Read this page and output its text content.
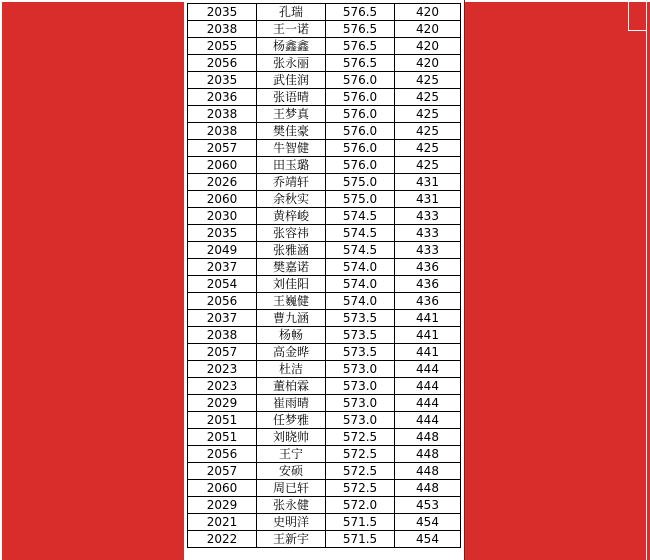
2035	孔瑞	576.5	420
2038	王一诺	576.5	420
2055	杨鑫鑫	576.5	420
2056	张永丽	576.5	420
2035	武佳润	576.0	425
2036	张语晴	576.0	425
2038	王梦真	576.0	425
2038	樊佳豪	576.0	425
2057	牛智健	576.0	425
2060	田玉璐	576.0	425
2026	乔靖轩	575.0	431
2060	余秋实	575.0	431
2030	黄梓峻	574.5	433
2035	张容祎	574.5	433
2049	张雅涵	574.5	433
2037	樊嘉诺	574.0	436
2054	刘佳阳	574.0	436
2056	王巍健	574.0	436
2037	曹九涵	573.5	441
2038	杨畅	573.5	441
2057	高金晔	573.5	441
2023	杜洁	573.0	444
2023	董柏霖	573.0	444
2029	崔雨晴	573.0	444
2051	任梦雅	573.0	444
2051	刘晓帅	572.5	448
2056	王宁	572.5	448
2057	安硕	572.5	448
2060	周已轩	572.5	448
2029	张永健	572.0	453
2021	史明洋	571.5	454
2022	王新宇	571.5	454
